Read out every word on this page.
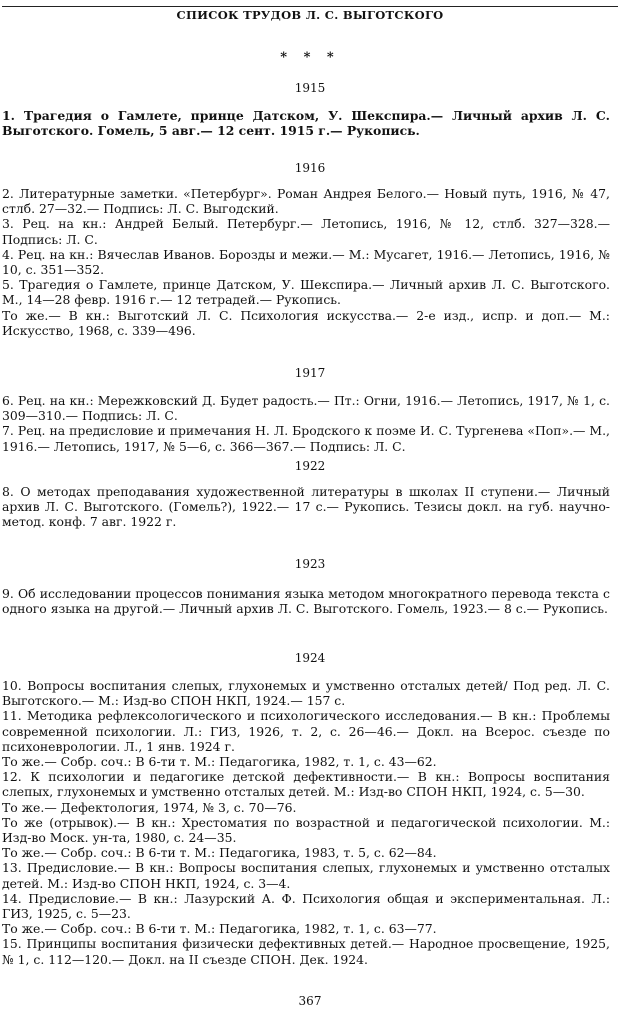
СПИСОК ТРУДОВ Л. С. ВЫГОТСКОГО
* * *
1915

1. Трагедия о Гамлете, принце Датском, У. Шекспира.— Личный архив Л. С. Выготского. Гомель, 5 авг.— 12 сент. 1915 г.— Рукопись.

1916

2. Литературные заметки. «Петербург». Роман Андрея Белого.— Новый путь, 1916, № 47, стлб. 27—32.— Подпись: Л. С. Выгодский.

3. Рец. на кн.: Андрей Белый. Петербург.— Летопись, 1916, № 12, стлб. 327—328.— Подпись: Л. С.

4. Рец. на кн.: Вячеслав Иванов. Борозды и межи.— М.: Мусагет, 1916.— Летопись, 1916, № 10, с. 351—352.

5. Трагедия о Гамлете, принце Датском, У. Шекспира.— Личный архив Л. С. Выготского. М., 14—28 февр. 1916 г.— 12 тетрадей.— Рукопись.

То же.— В кн.: Выготский Л. С. Психология искусства.— 2-е изд., испр. и доп.— М.: Искусство, 1968, с. 339—496.

1917

6. Рец. на кн.: Мережковский Д. Будет радость.— Пт.: Огни, 1916.— Летопись, 1917, № 1, с. 309—310.— Подпись: Л. С.

7. Рец. на предисловие и примечания Н. Л. Бродского к поэме И. С. Тургенева «Поп».— М., 1916.— Летопись, 1917, № 5—6, с. 366—367.— Подпись: Л. С.

1922

8. О методах преподавания художественной литературы в школах II ступени.— Личный архив Л. С. Выготского. (Гомель?), 1922.— 17 с.— Рукопись. Тезисы докл. на губ. научно-метод. конф. 7 авг. 1922 г.

1923

9. Об исследовании процессов понимания языка методом многократного перевода текста с одного языка на другой.— Личный архив Л. С. Выготского. Гомель, 1923.— 8 с.— Рукопись.

1924

10. Вопросы воспитания слепых, глухонемых и умственно отсталых детей/ Под ред. Л. С. Выготского.— М.: Изд-во СПОН НКП, 1924.— 157 с.

11. Методика рефлексологического и психологического исследования.— В кн.: Проблемы современной психологии. Л.: ГИЗ, 1926, т. 2, с. 26—46.— Докл. на Всерос. съезде по психоневрологии. Л., 1 янв. 1924 г.

То же.— Собр. соч.: В 6-ти т. М.: Педагогика, 1982, т. 1, с. 43—62.

12. К психологии и педагогике детской дефективности.— В кн.: Вопросы воспитания слепых, глухонемых и умственно отсталых детей. М.: Изд-во СПОН НКП, 1924, с. 5—30.

То же.— Дефектология, 1974, № 3, с. 70—76.

То же (отрывок).— В кн.: Хрестоматия по возрастной и педагогической психологии. М.: Изд-во Моск. ун-та, 1980, с. 24—35.

То же.— Собр. соч.: В 6-ти т. М.: Педагогика, 1983, т. 5, с. 62—84.

13. Предисловие.— В кн.: Вопросы воспитания слепых, глухонемых и умственно отсталых детей. М.: Изд-во СПОН НКП, 1924, с. 3—4.

14. Предисловие.— В кн.: Лазурский А. Ф. Психология общая и экспериментальная. Л.: ГИЗ, 1925, с. 5—23.

То же.— Собр. соч.: В 6-ти т. М.: Педагогика, 1982, т. 1, с. 63—77.

15. Принципы воспитания физически дефективных детей.— Народное просвещение, 1925, № 1, с. 112—120.— Докл. на II съезде СПОН. Дек. 1924.

367
